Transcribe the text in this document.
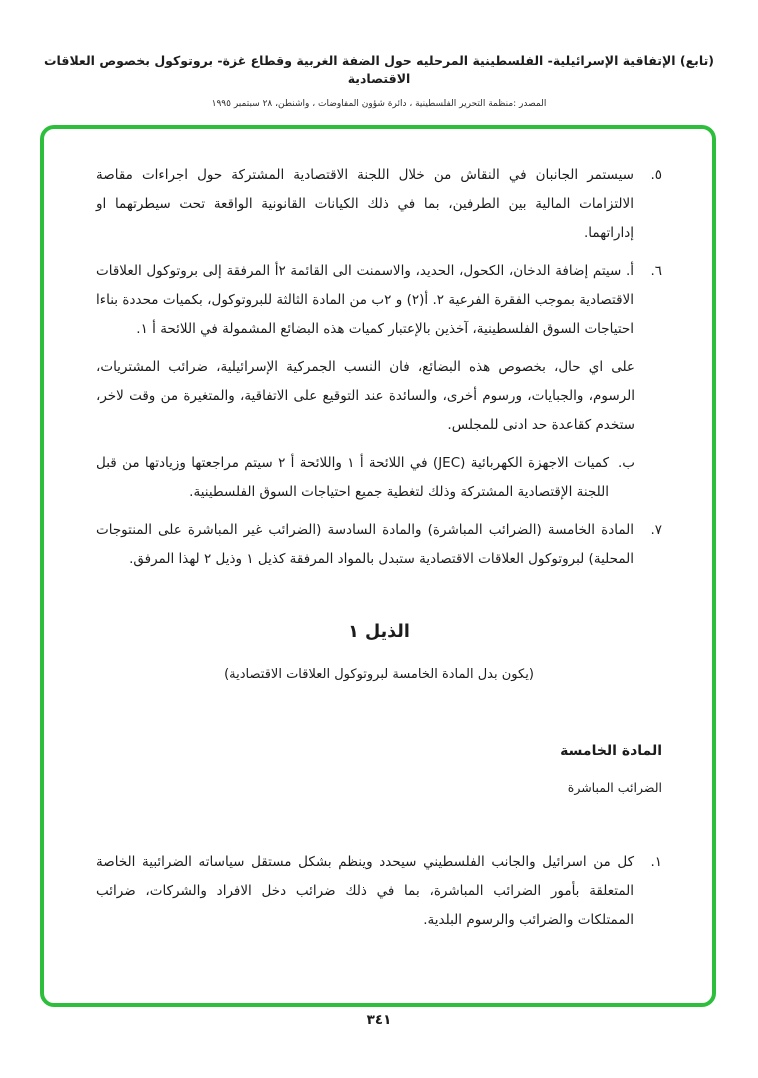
(تابع) الإتفاقية الإسرائيلية- الفلسطينية المرحليه حول الضفة الغربية وقطاع غزة- بروتوكول بخصوص العلاقات الاقتصادية
المصدر :منظمة التحرير الفلسطينية ، دائرة شؤون المفاوضات ، واشنطن، ٢٨ سبتمبر ١٩٩٥
٥.
سيستمر الجانبان في النقاش من خلال اللجنة الاقتصادية المشتركة حول اجراءات مقاصة الالتزامات المالية بين الطرفين، بما في ذلك الكيانات القانونية الواقعة تحت سيطرتهما او إداراتهما.
٦.
أ. سيتم إضافة الدخان، الكحول، الحديد، والاسمنت الى القائمة ٢أ المرفقة إلى بروتوكول العلاقات الاقتصادية بموجب الفقرة الفرعية ٢. أ(٢) و ٢ب من المادة الثالثة للبروتوكول، بكميات محددة بناءا احتياجات السوق الفلسطينية، آخذين بالإعتبار كميات هذه البضائع المشمولة في اللائحة أ ١.
على اي حال، بخصوص هذه البضائع، فان النسب الجمركية الإسرائيلية، ضرائب المشتريات، الرسوم، والجبايات، ورسوم أخرى، والسائدة عند التوقيع على الاتفاقية، والمتغيرة من وقت لاخر، ستخدم كقاعدة حد ادنى للمجلس.
ب.
كميات الاجهزة الكهربائية (JEC) في اللائحة أ ١ واللائحة أ ٢ سيتم مراجعتها وزيادتها من قبل اللجنة الإقتصادية المشتركة وذلك لتغطية جميع احتياجات السوق الفلسطينية.
٧.
المادة الخامسة (الضرائب المباشرة) والمادة السادسة (الضرائب غير المباشرة على المنتوجات المحلية) لبروتوكول العلاقات الاقتصادية ستبدل بالمواد المرفقة كذيل ١ وذيل ٢ لهذا المرفق.
الذيل ١
(يكون بدل المادة الخامسة لبروتوكول العلاقات الاقتصادية)
المادة الخامسة
الضرائب المباشرة
١.
كل من اسرائيل والجانب الفلسطيني سيحدد وينظم بشكل مستقل سياساته الضرائبية الخاصة المتعلقة بأمور الضرائب المباشرة، بما في ذلك ضرائب دخل الافراد والشركات، ضرائب الممتلكات والضرائب والرسوم البلدية.
٣٤١
